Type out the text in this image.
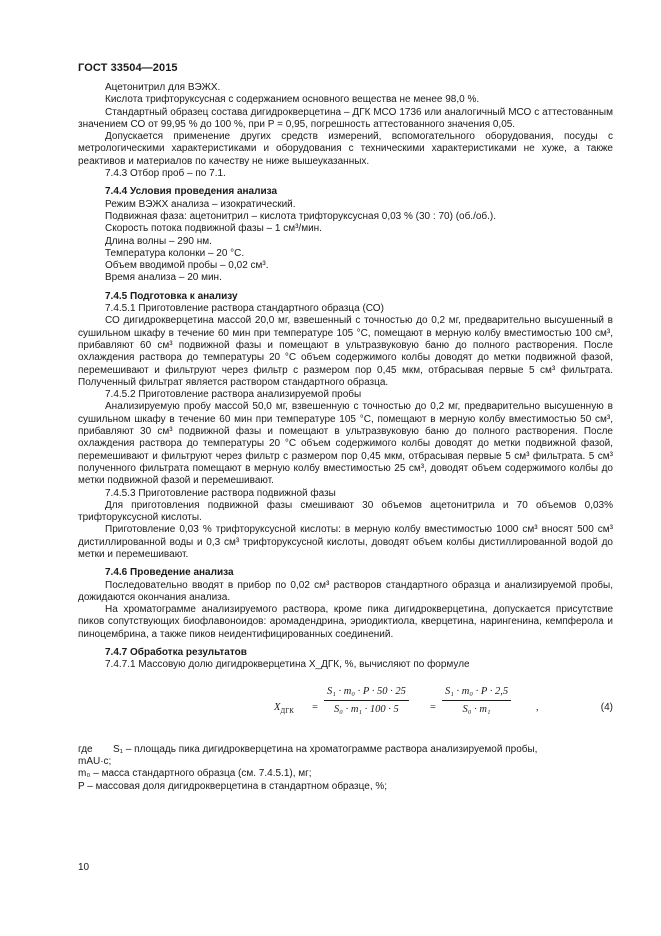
ГОСТ 33504—2015

Ацетонитрил для ВЭЖХ.

Кислота трифторуксусная с содержанием основного вещества не менее 98,0 %.

Стандартный образец состава дигидрокверцетина – ДГК МСО 1736 или аналогичный МСО с аттестованным значением СО от 99,95 % до 100 %, при Р = 0,95, погрешность аттестованного значения 0,05.

Допускается применение других средств измерений, вспомогательного оборудования, посуды с метрологическими характеристиками и оборудования с техническими характеристиками не хуже, а также реактивов и материалов по качеству не ниже вышеуказанных.

7.4.3 Отбор проб – по 7.1.

7.4.4 Условия проведения анализа

Режим ВЭЖХ анализа – изократический.

Подвижная фаза: ацетонитрил – кислота трифторуксусная 0,03 % (30 : 70) (об./об.).

Скорость потока подвижной фазы – 1 см³/мин.

Длина волны – 290 нм.

Температура колонки – 20 °С.

Объем вводимой пробы – 0,02 см³.

Время анализа – 20 мин.

7.4.5 Подготовка к анализу

7.4.5.1 Приготовление раствора стандартного образца (СО)

СО дигидрокверцетина массой 20,0 мг, взвешенный с точностью до 0,2 мг, предварительно высушенный в сушильном шкафу в течение 60 мин при температуре 105 °С, помещают в мерную колбу вместимостью 100 см³, прибавляют 60 см³ подвижной фазы и помещают в ультразвуковую баню до полного растворения. После охлаждения раствора до температуры 20 °С объем содержимого колбы доводят до метки подвижной фазой, перемешивают и фильтруют через фильтр с размером пор 0,45 мкм, отбрасывая первые 5 см³ фильтрата. Полученный фильтрат является раствором стандартного образца.

7.4.5.2 Приготовление раствора анализируемой пробы

Анализируемую пробу массой 50,0 мг, взвешенную с точностью до 0,2 мг, предварительно высушенную в сушильном шкафу в течение 60 мин при температуре 105 °С, помещают в мерную колбу вместимостью 50 см³, прибавляют 30 см³ подвижной фазы и помещают в ультразвуковую баню до полного растворения. После охлаждения раствора до температуры 20 °С объем содержимого колбы доводят до метки подвижной фазой, перемешивают и фильтруют через фильтр с размером пор 0,45 мкм, отбрасывая первые 5 см³ фильтрата. 5 см³ полученного фильтрата помещают в мерную колбу вместимостью 25 см³, доводят объем содержимого колбы до метки подвижной фазой и перемешивают.

7.4.5.3 Приготовление раствора подвижной фазы

Для приготовления подвижной фазы смешивают 30 объемов ацетонитрила и 70 объемов 0,03% трифторуксусной кислоты.

Приготовление 0,03 % трифторуксусной кислоты: в мерную колбу вместимостью 1000 см³ вносят 500 см³ дистиллированной воды и 0,3 см³ трифторуксусной кислоты, доводят объем колбы дистиллированной водой до метки и перемешивают.

7.4.6 Проведение анализа

Последовательно вводят в прибор по 0,02 см³ растворов стандартного образца и анализируемой пробы, дожидаются окончания анализа.

На хроматограмме анализируемого раствора, кроме пика дигидрокверцетина, допускается присутствие пиков сопутствующих биофлавоноидов: аромадендрина, эриодиктиола, кверцетина, нарингенина, кемпферола и пиноцембрина, а также пиков неидентифицированных соединений.

7.4.7 Обработка результатов

7.4.7.1 Массовую долю дигидрокверцетина X_ДГК, %, вычисляют по формуле

$X_{ДГК} = \frac{\text{S₁ · m₀ · P · 50 · 25}}{\text{S₀ · m₁ · 100 · 5}} = \frac{\text{S₁ · m₀ · P · 2,5}}{\text{S₀ · m₁}}$ ,	(4)
где S₁ – площадь пика дигидрокверцетина на хроматограмме раствора анализируемой пробы,

mAU·c;

m₀ – масса стандартного образца (см. 7.4.5.1), мг;

P – массовая доля дигидрокверцетина в стандартном образце, %;

10
